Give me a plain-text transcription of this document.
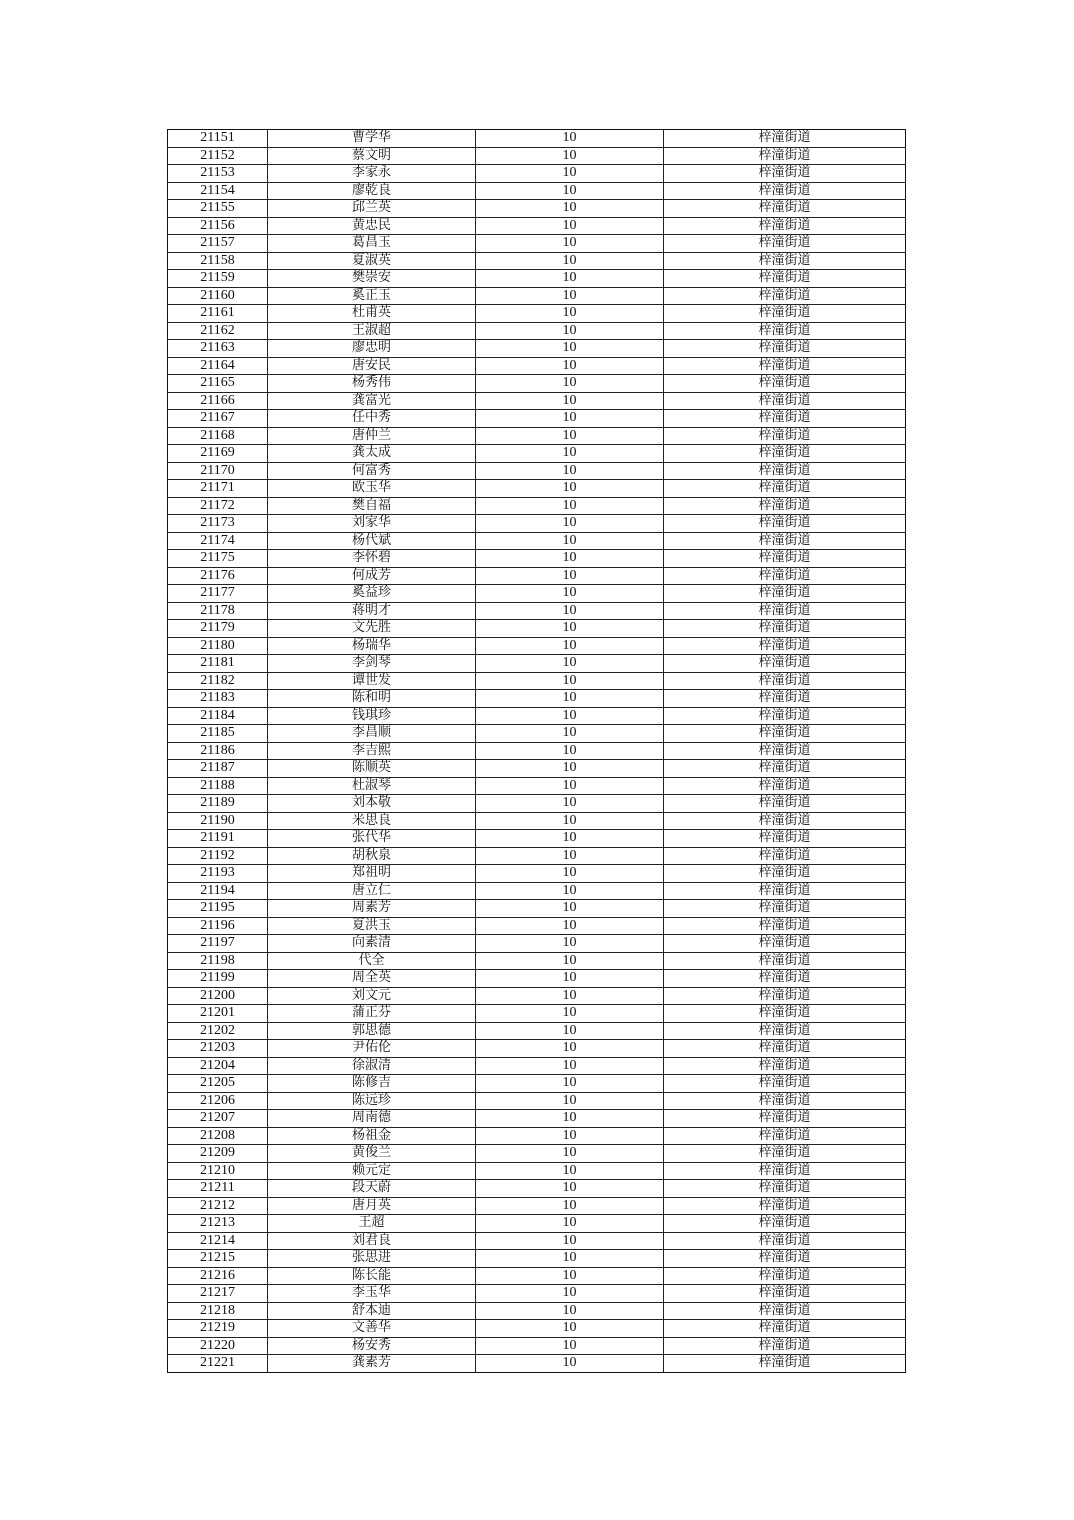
21151	曹学华	10	梓潼街道
21152	蔡文明	10	梓潼街道
21153	李家永	10	梓潼街道
21154	廖乾良	10	梓潼街道
21155	邱兰英	10	梓潼街道
21156	黄忠民	10	梓潼街道
21157	葛昌玉	10	梓潼街道
21158	夏淑英	10	梓潼街道
21159	樊崇安	10	梓潼街道
21160	奚正玉	10	梓潼街道
21161	杜甫英	10	梓潼街道
21162	王淑超	10	梓潼街道
21163	廖忠明	10	梓潼街道
21164	唐安民	10	梓潼街道
21165	杨秀伟	10	梓潼街道
21166	龚富光	10	梓潼街道
21167	任中秀	10	梓潼街道
21168	唐仲兰	10	梓潼街道
21169	龚太成	10	梓潼街道
21170	何富秀	10	梓潼街道
21171	欧玉华	10	梓潼街道
21172	樊自福	10	梓潼街道
21173	刘家华	10	梓潼街道
21174	杨代斌	10	梓潼街道
21175	李怀碧	10	梓潼街道
21176	何成芳	10	梓潼街道
21177	奚益珍	10	梓潼街道
21178	蒋明才	10	梓潼街道
21179	文先胜	10	梓潼街道
21180	杨瑞华	10	梓潼街道
21181	李剑琴	10	梓潼街道
21182	谭世发	10	梓潼街道
21183	陈和明	10	梓潼街道
21184	钱琪珍	10	梓潼街道
21185	李昌顺	10	梓潼街道
21186	李吉熙	10	梓潼街道
21187	陈顺英	10	梓潼街道
21188	杜淑琴	10	梓潼街道
21189	刘本敬	10	梓潼街道
21190	米思良	10	梓潼街道
21191	张代华	10	梓潼街道
21192	胡秋泉	10	梓潼街道
21193	郑祖明	10	梓潼街道
21194	唐立仁	10	梓潼街道
21195	周素芳	10	梓潼街道
21196	夏洪玉	10	梓潼街道
21197	向素清	10	梓潼街道
21198	代全	10	梓潼街道
21199	周全英	10	梓潼街道
21200	刘文元	10	梓潼街道
21201	蒲正芬	10	梓潼街道
21202	郭思德	10	梓潼街道
21203	尹佑伦	10	梓潼街道
21204	徐淑清	10	梓潼街道
21205	陈修吉	10	梓潼街道
21206	陈远珍	10	梓潼街道
21207	周南德	10	梓潼街道
21208	杨祖金	10	梓潼街道
21209	黄俊兰	10	梓潼街道
21210	赖元定	10	梓潼街道
21211	段天蔚	10	梓潼街道
21212	唐月英	10	梓潼街道
21213	王超	10	梓潼街道
21214	刘君良	10	梓潼街道
21215	张思进	10	梓潼街道
21216	陈长能	10	梓潼街道
21217	李玉华	10	梓潼街道
21218	舒本迪	10	梓潼街道
21219	文善华	10	梓潼街道
21220	杨安秀	10	梓潼街道
21221	龚素芳	10	梓潼街道
